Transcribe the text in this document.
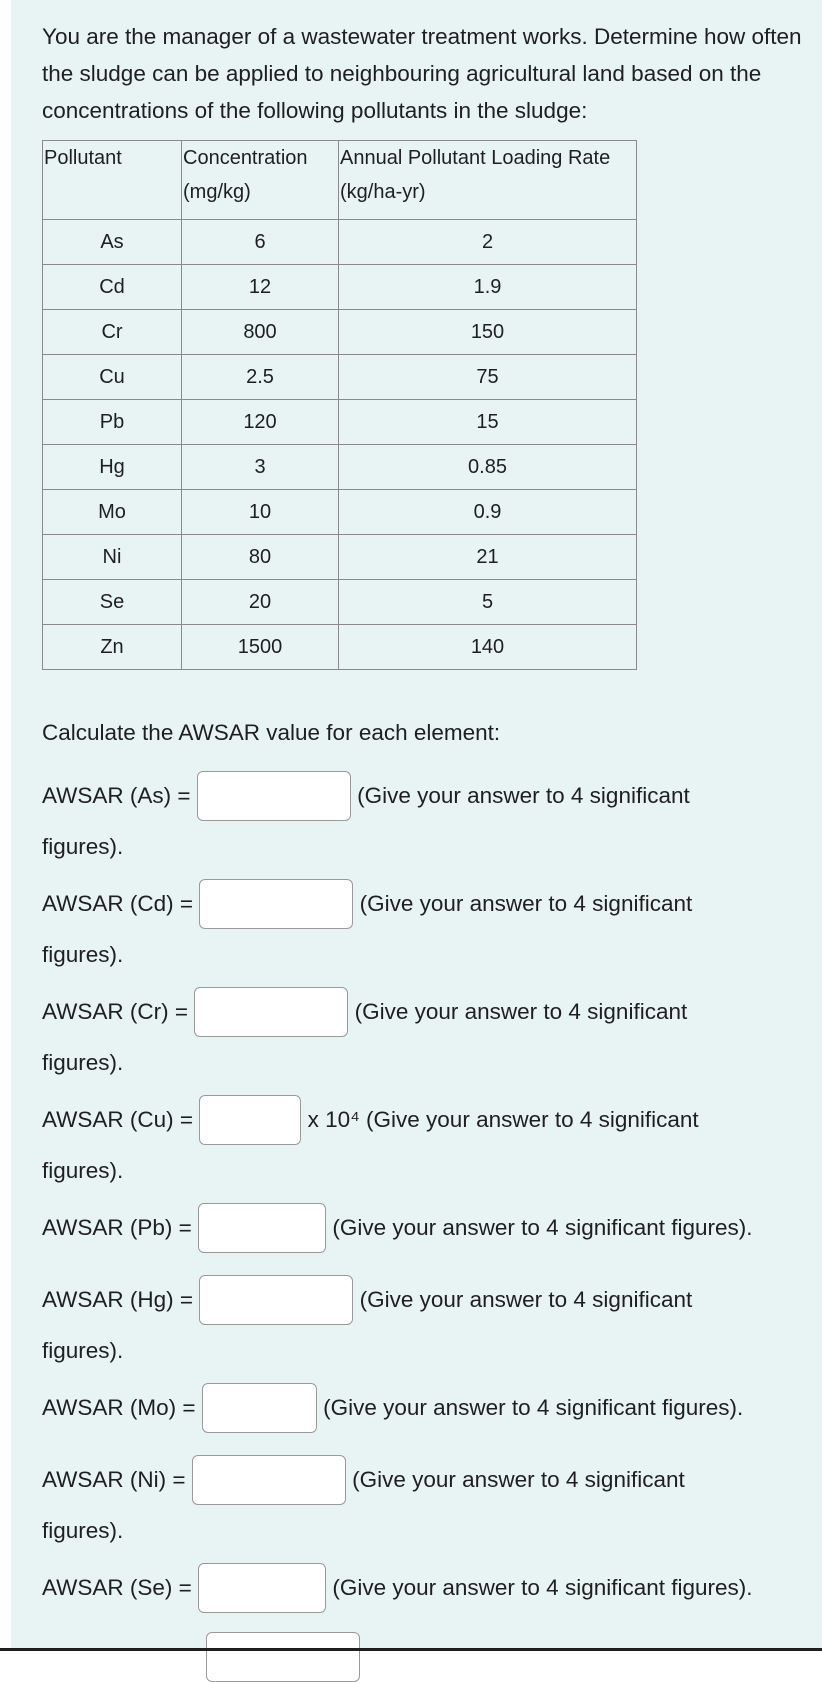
You are the manager of a wastewater treatment works. Determine how often the sludge can be applied to neighbouring agricultural land based on the concentrations of the following pollutants in the sludge:

Pollutant	Concentration (mg/kg)	Annual Pollutant Loading Rate (kg/ha-yr)
As	6	2
Cd	12	1.9
Cr	800	150
Cu	2.5	75
Pb	120	15
Hg	3	0.85
Mo	10	0.9
Ni	80	21
Se	20	5
Zn	1500	140

Calculate the AWSAR value for each element:

AWSAR (As) =	(Give your answer to 4 significant
figures).
AWSAR (Cd) =	(Give your answer to 4 significant
figures).
AWSAR (Cr) =	(Give your answer to 4 significant
figures).
AWSAR (Cu) =	x 10⁴ (Give your answer to 4 significant
figures).
AWSAR (Pb) =	(Give your answer to 4 significant figures).
AWSAR (Hg) =	(Give your answer to 4 significant
figures).
AWSAR (Mo) =	(Give your answer to 4 significant figures).
AWSAR (Ni) =	(Give your answer to 4 significant
figures).
AWSAR (Se) =	(Give your answer to 4 significant figures).
